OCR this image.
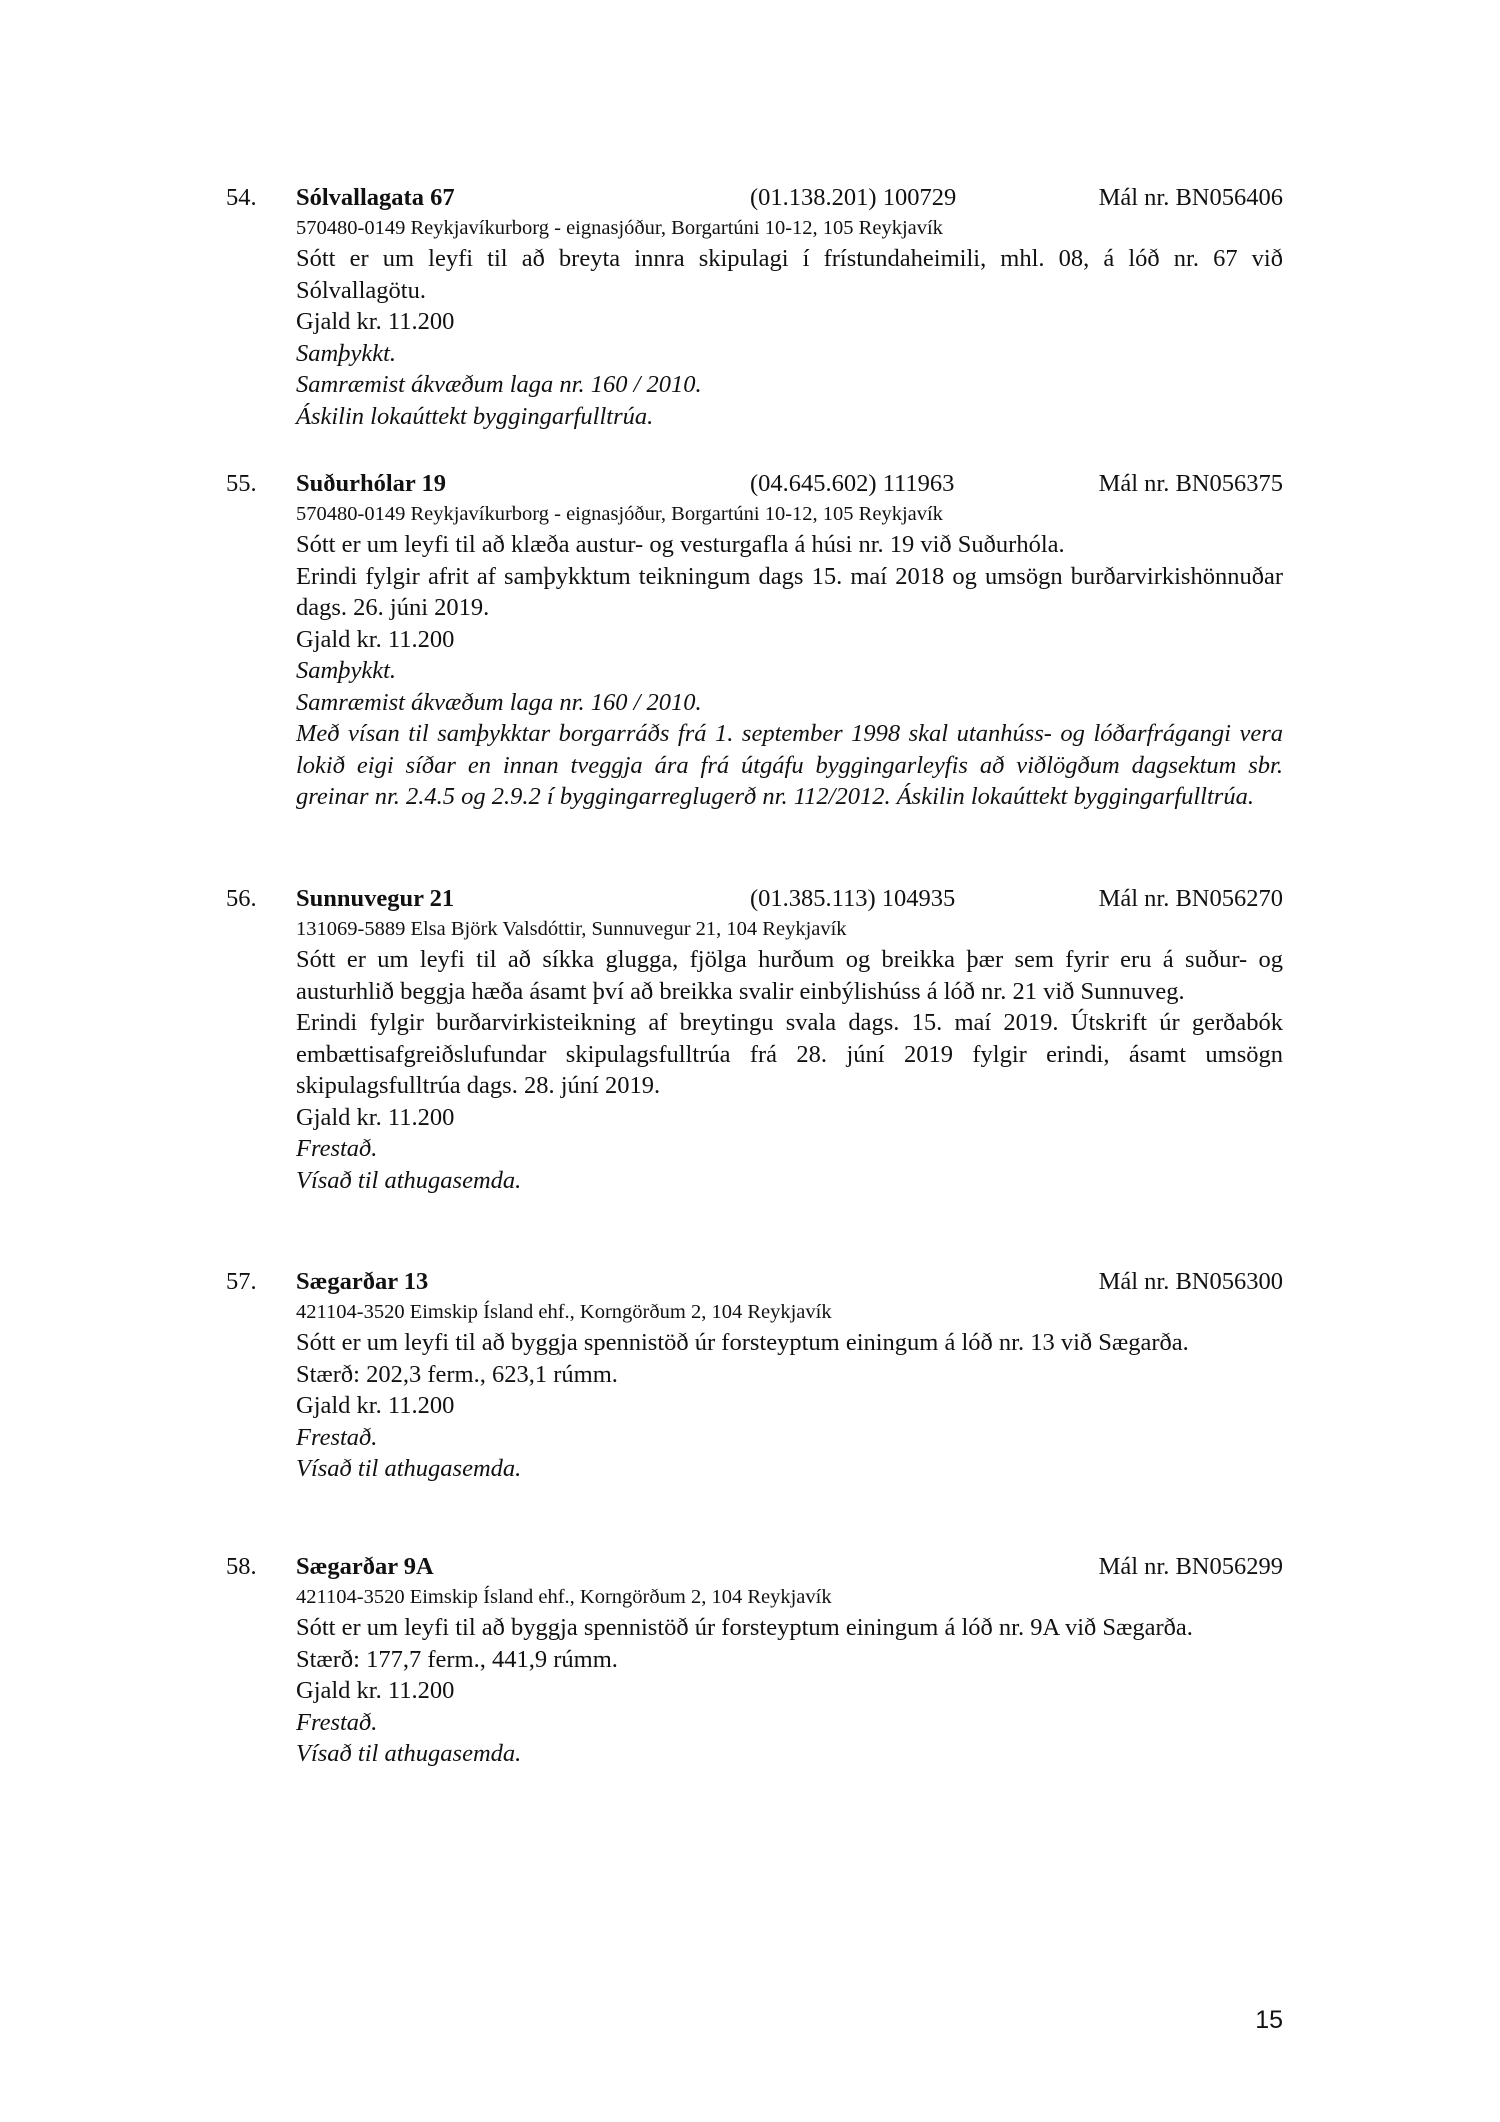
54. Sólvallagata 67	(01.138.201) 100729	Mál nr. BN056406
570480-0149 Reykjavíkurborg - eignasjóður, Borgartúni 10-12, 105 Reykjavík
Sótt er um leyfi til að breyta innra skipulagi í frístundaheimili, mhl. 08, á lóð nr. 67 við Sólvallagötu.
Gjald kr. 11.200
Samþykkt.
Samræmist ákvæðum laga nr. 160 / 2010.
Áskilin lokaúttekt byggingarfulltrúa.
55. Suðurhólar 19	(04.645.602) 111963	Mál nr. BN056375
570480-0149 Reykjavíkurborg - eignasjóður, Borgartúni 10-12, 105 Reykjavík
Sótt er um leyfi til að klæða austur- og vesturgafla á húsi nr. 19 við Suðurhóla.
Erindi fylgir afrit af samþykktum teikningum dags 15. maí 2018 og umsögn burðarvirkishönnuðar dags. 26. júni 2019.
Gjald kr. 11.200
Samþykkt.
Samræmist ákvæðum laga nr. 160 / 2010.
Með vísan til samþykktar borgarráðs frá 1. september 1998 skal utanhúss- og lóðarfrágangi vera lokið eigi síðar en innan tveggja ára frá útgáfu byggingarleyfis að viðlögðum dagsektum sbr. greinar nr. 2.4.5 og 2.9.2 í byggingarreglugerð nr. 112/2012. Áskilin lokaúttekt byggingarfulltrúa.
56. Sunnuvegur 21	(01.385.113) 104935	Mál nr. BN056270
131069-5889 Elsa Björk Valsdóttir, Sunnuvegur 21, 104 Reykjavík
Sótt er um leyfi til að síkka glugga, fjölga hurðum og breikka þær sem fyrir eru á suður- og austurhlið beggja hæða ásamt því að breikka svalir einbýlishúss á lóð nr. 21 við Sunnuveg.
Erindi fylgir burðarvirkisteikning af breytingu svala dags. 15. maí 2019. Útskrift úr gerðabók embættisafgreiðslufundar skipulagsfulltrúa frá 28. júní 2019 fylgir erindi, ásamt umsögn skipulagsfulltrúa dags. 28. júní 2019.
Gjald kr. 11.200
Frestað.
Vísað til athugasemda.
57. Sægarðar 13	Mál nr. BN056300
421104-3520 Eimskip Ísland ehf., Korngörðum 2, 104 Reykjavík
Sótt er um leyfi til að byggja spennistöð úr forsteyptum einingum á lóð nr. 13 við Sægarða.
Stærð: 202,3 ferm., 623,1 rúmm.
Gjald kr. 11.200
Frestað.
Vísað til athugasemda.
58. Sægarðar 9A	Mál nr. BN056299
421104-3520 Eimskip Ísland ehf., Korngörðum 2, 104 Reykjavík
Sótt er um leyfi til að byggja spennistöð úr forsteyptum einingum á lóð nr. 9A við Sægarða.
Stærð: 177,7 ferm., 441,9 rúmm.
Gjald kr. 11.200
Frestað.
Vísað til athugasemda.
15
